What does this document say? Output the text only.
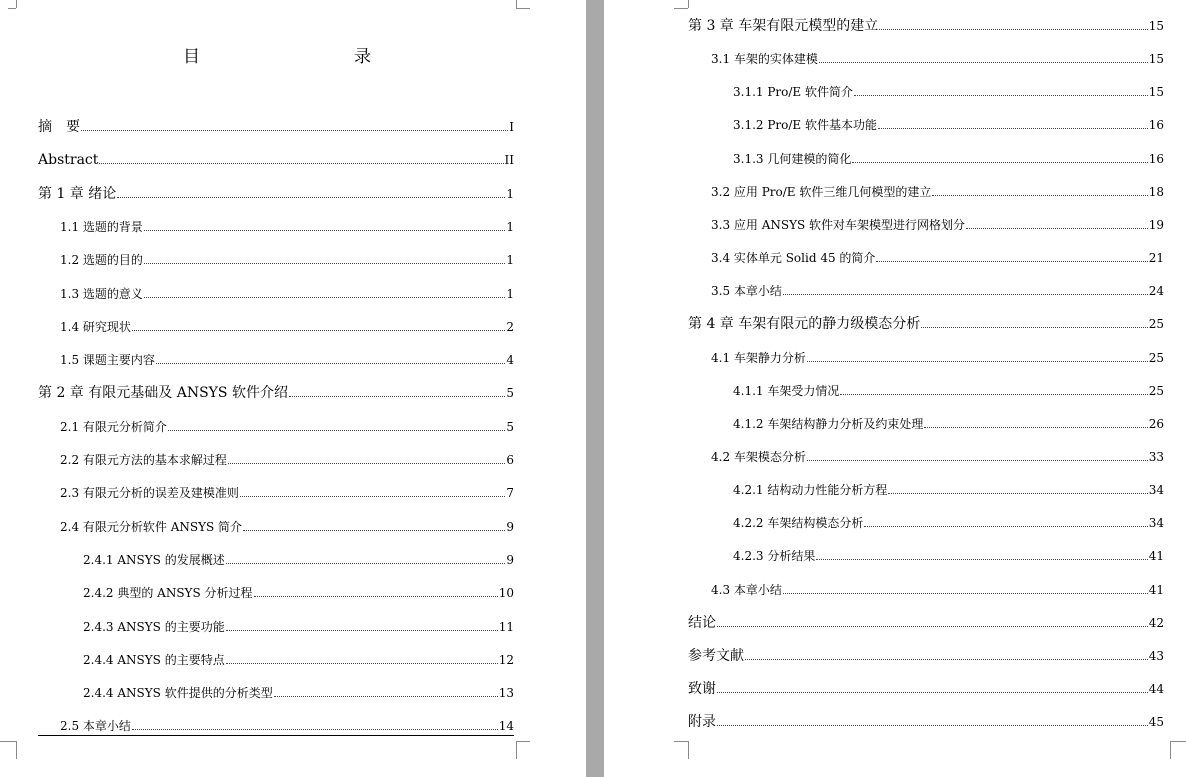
目　　录
摘　要	I
Abstract	II
第 1 章 绪论	1
1.1 选题的背景	1
1.2 选题的目的	1
1.3 选题的意义	1
1.4 研究现状	2
1.5 课题主要内容	4
第 2 章 有限元基础及 ANSYS 软件介绍	5
2.1 有限元分析简介	5
2.2 有限元方法的基本求解过程	6
2.3 有限元分析的误差及建模准则	7
2.4 有限元分析软件 ANSYS 简介	9
2.4.1 ANSYS 的发展概述	9
2.4.2 典型的 ANSYS 分析过程	10
2.4.3 ANSYS 的主要功能	11
2.4.4 ANSYS 的主要特点	12
2.4.4 ANSYS 软件提供的分析类型	13
2.5 本章小结	14
第 3 章 车架有限元模型的建立	15
3.1 车架的实体建模	15
3.1.1 Pro/E 软件简介	15
3.1.2 Pro/E 软件基本功能	16
3.1.3 几何建模的简化	16
3.2 应用 Pro/E 软件三维几何模型的建立	18
3.3 应用 ANSYS 软件对车架模型进行网格划分	19
3.4 实体单元 Solid 45 的简介	21
3.5 本章小结	24
第 4 章 车架有限元的静力级模态分析	25
4.1 车架静力分析	25
4.1.1 车架受力情况	25
4.1.2 车架结构静力分析及约束处理	26
4.2 车架模态分析	33
4.2.1 结构动力性能分析方程	34
4.2.2 车架结构模态分析	34
4.2.3 分析结果	41
4.3 本章小结	41
结论	42
参考文献	43
致谢	44
附录	45
